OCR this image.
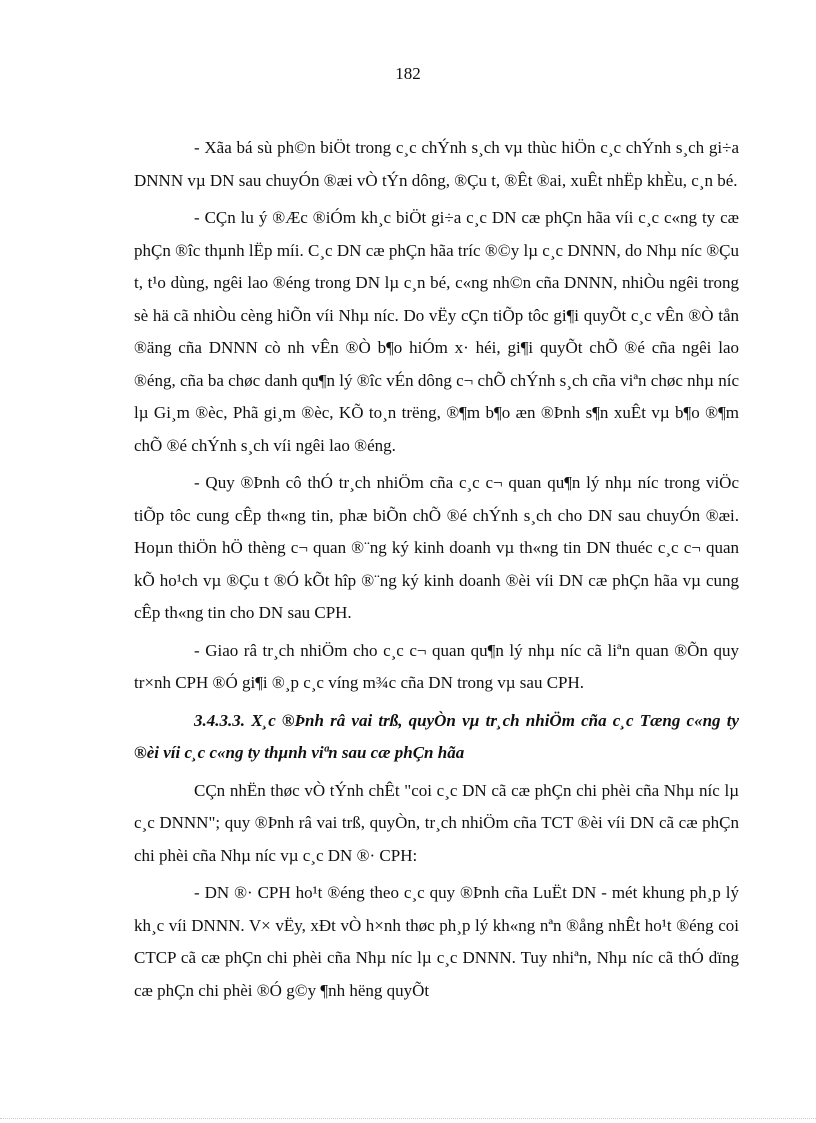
182

- Xãa bá sù ph©n biÖt trong c¸c chÝnh s¸ch vµ thùc hiÖn c¸c chÝnh s¸ch gi÷a DNNN vµ DN sau chuyÓn ®æi vÒ tÝn dông, ®Çu t, ®Êt ®ai, xuÊt nhËp khÈu, c¸n bé.

- CÇn lu ý ®Æc ®iÓm kh¸c biÖt gi÷a c¸c DN cæ phÇn hãa víi c¸c c«ng ty cæ phÇn ®îc thµnh lËp míi. C¸c DN cæ phÇn hãa tríc ®©y lµ c¸c DNNN, do Nhµ níc ®Çu t, t¹o dùng, ngêi lao ®éng trong DN lµ c¸n bé, c«ng nh©n cña DNNN, nhiÒu ngêi trong sè hä cã nhiÒu cèng hiÕn víi Nhµ níc. Do vËy cÇn tiÕp tôc gi¶i quyÕt c¸c vÊn ®Ò tån ®äng cña DNNN cò nh vÊn ®Ò b¶o hiÓm x· héi, gi¶i quyÕt chÕ ®é cña ngêi lao ®éng, cña ba chøc danh qu¶n lý ®îc vÉn dông c¬ chÕ chÝnh s¸ch cña viªn chøc nhµ níc lµ Gi¸m ®èc, Phã gi¸m ®èc, KÕ to¸n trëng, ®¶m b¶o æn ®Þnh s¶n xuÊt vµ b¶o ®¶m chÕ ®é chÝnh s¸ch víi ngêi lao ®éng.

- Quy ®Þnh cô thÓ tr¸ch nhiÖm cña c¸c c¬ quan qu¶n lý nhµ níc trong viÖc tiÕp tôc cung cÊp th«ng tin, phæ biÕn chÕ ®é chÝnh s¸ch cho DN sau chuyÓn ®æi. Hoµn thiÖn hÖ thèng c¬ quan ®¨ng ký kinh doanh vµ th«ng tin DN thuéc c¸c c¬ quan kÕ ho¹ch vµ ®Çu t ®Ó kÕt hîp ®¨ng ký kinh doanh ®èi víi DN cæ phÇn hãa vµ cung cÊp th«ng tin cho DN sau CPH.

- Giao râ tr¸ch nhiÖm cho c¸c c¬ quan qu¶n lý nhµ níc cã liªn quan ®Õn quy tr×nh CPH ®Ó gi¶i ®¸p c¸c víng m¾c cña DN trong vµ sau CPH.

3.4.3.3. X¸c ®Þnh râ vai trß, quyÒn vµ tr¸ch nhiÖm cña c¸c Tæng c«ng ty ®èi víi c¸c c«ng ty thµnh viªn sau cæ phÇn hãa

CÇn nhËn thøc vÒ tÝnh chÊt "coi c¸c DN cã cæ phÇn chi phèi cña Nhµ níc lµ c¸c DNNN"; quy ®Þnh râ vai trß, quyÒn, tr¸ch nhiÖm cña TCT ®èi víi DN cã cæ phÇn chi phèi cña Nhµ níc vµ c¸c DN ®· CPH:

- DN ®· CPH ho¹t ®éng theo c¸c quy ®Þnh cña LuËt DN - mét khung ph¸p lý kh¸c víi DNNN. V× vËy, xÐt vÒ h×nh thøc ph¸p lý kh«ng nªn ®ång nhÊt ho¹t ®éng coi CTCP cã cæ phÇn chi phèi cña Nhµ níc lµ c¸c DNNN. Tuy nhiªn, Nhµ níc cã thÓ dïng cæ phÇn chi phèi ®Ó g©y ¶nh hëng quyÕt
